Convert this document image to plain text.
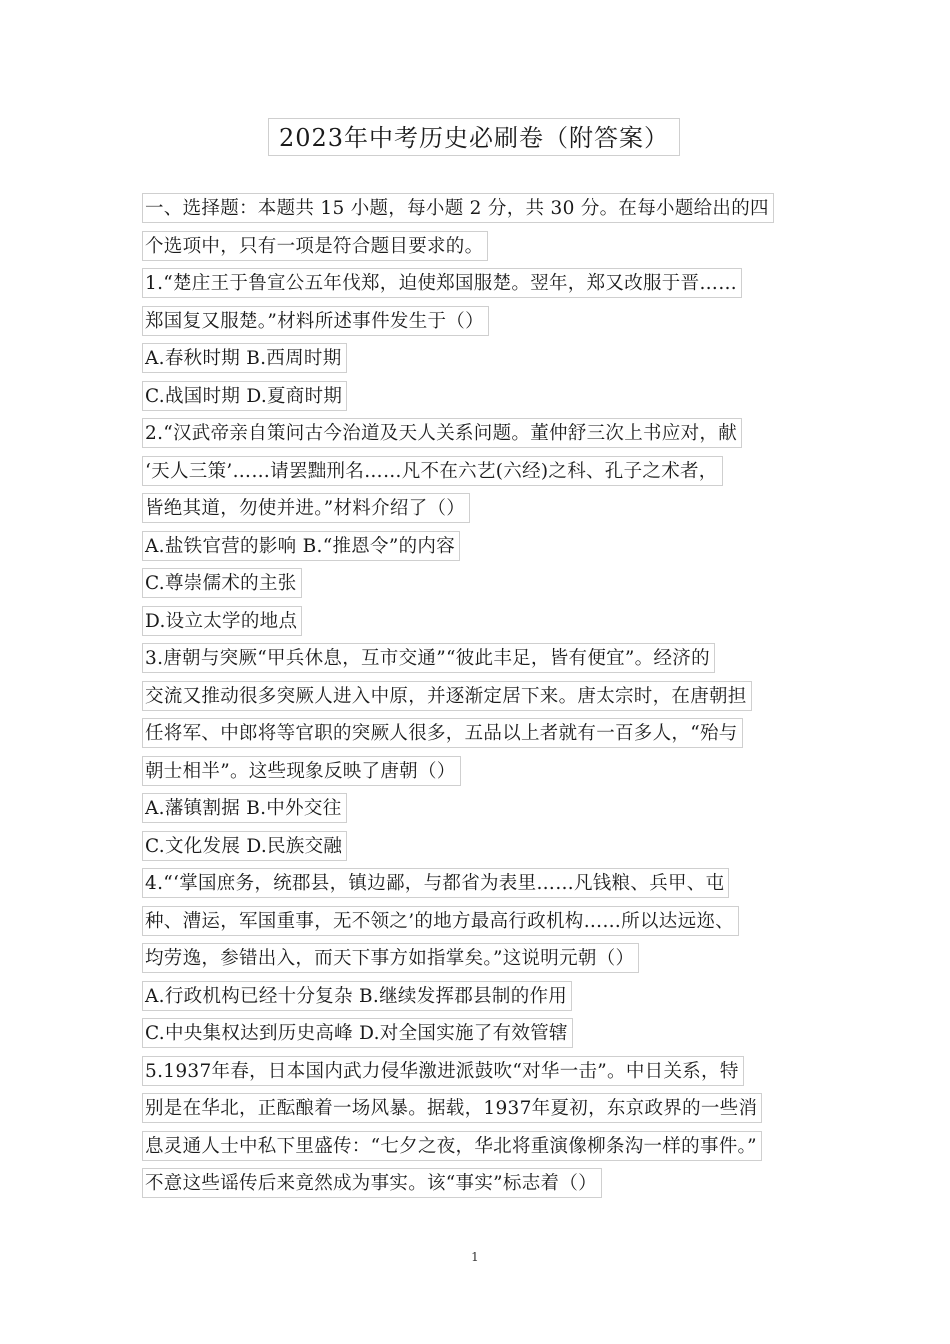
2023年中考历史必刷卷（附答案）
一、选择题：本题共 15 小题，每小题 2 分，共 30 分。在每小题给出的四
个选项中，只有一项是符合题目要求的。
1.“楚庄王于鲁宣公五年伐郑，迫使郑国服楚。翌年，郑又改服于晋……
郑国复又服楚。”材料所述事件发生于（）
A.春秋时期 B.西周时期
C.战国时期 D.夏商时期
2.“汉武帝亲自策问古今治道及天人关系问题。董仲舒三次上书应对，献
‘天人三策’……请罢黜刑名……凡不在六艺(六经)之科、孔子之术者，
皆绝其道，勿使并进。”材料介绍了（）
A.盐铁官营的影响 B.“推恩令”的内容
C.尊崇儒术的主张
D.设立太学的地点
3.唐朝与突厥“甲兵休息，互市交通”“彼此丰足，皆有便宜”。经济的
交流又推动很多突厥人进入中原，并逐渐定居下来。唐太宗时，在唐朝担
任将军、中郎将等官职的突厥人很多，五品以上者就有一百多人，“殆与
朝士相半”。这些现象反映了唐朝（）
A.藩镇割据 B.中外交往
C.文化发展 D.民族交融
4.“‘掌国庶务，统郡县，镇边鄙，与都省为表里……凡钱粮、兵甲、屯
种、漕运，军国重事，无不领之’的地方最高行政机构……所以达远迩、
均劳逸，参错出入，而天下事方如指掌矣。”这说明元朝（）
A.行政机构已经十分复杂 B.继续发挥郡县制的作用
C.中央集权达到历史高峰 D.对全国实施了有效管辖
5.1937年春，日本国内武力侵华激进派鼓吹“对华一击”。中日关系，特
别是在华北，正酝酿着一场风暴。据载，1937年夏初，东京政界的一些消
息灵通人士中私下里盛传：“七夕之夜，华北将重演像柳条沟一样的事件。”
不意这些谣传后来竟然成为事实。该“事实”标志着（）
1
